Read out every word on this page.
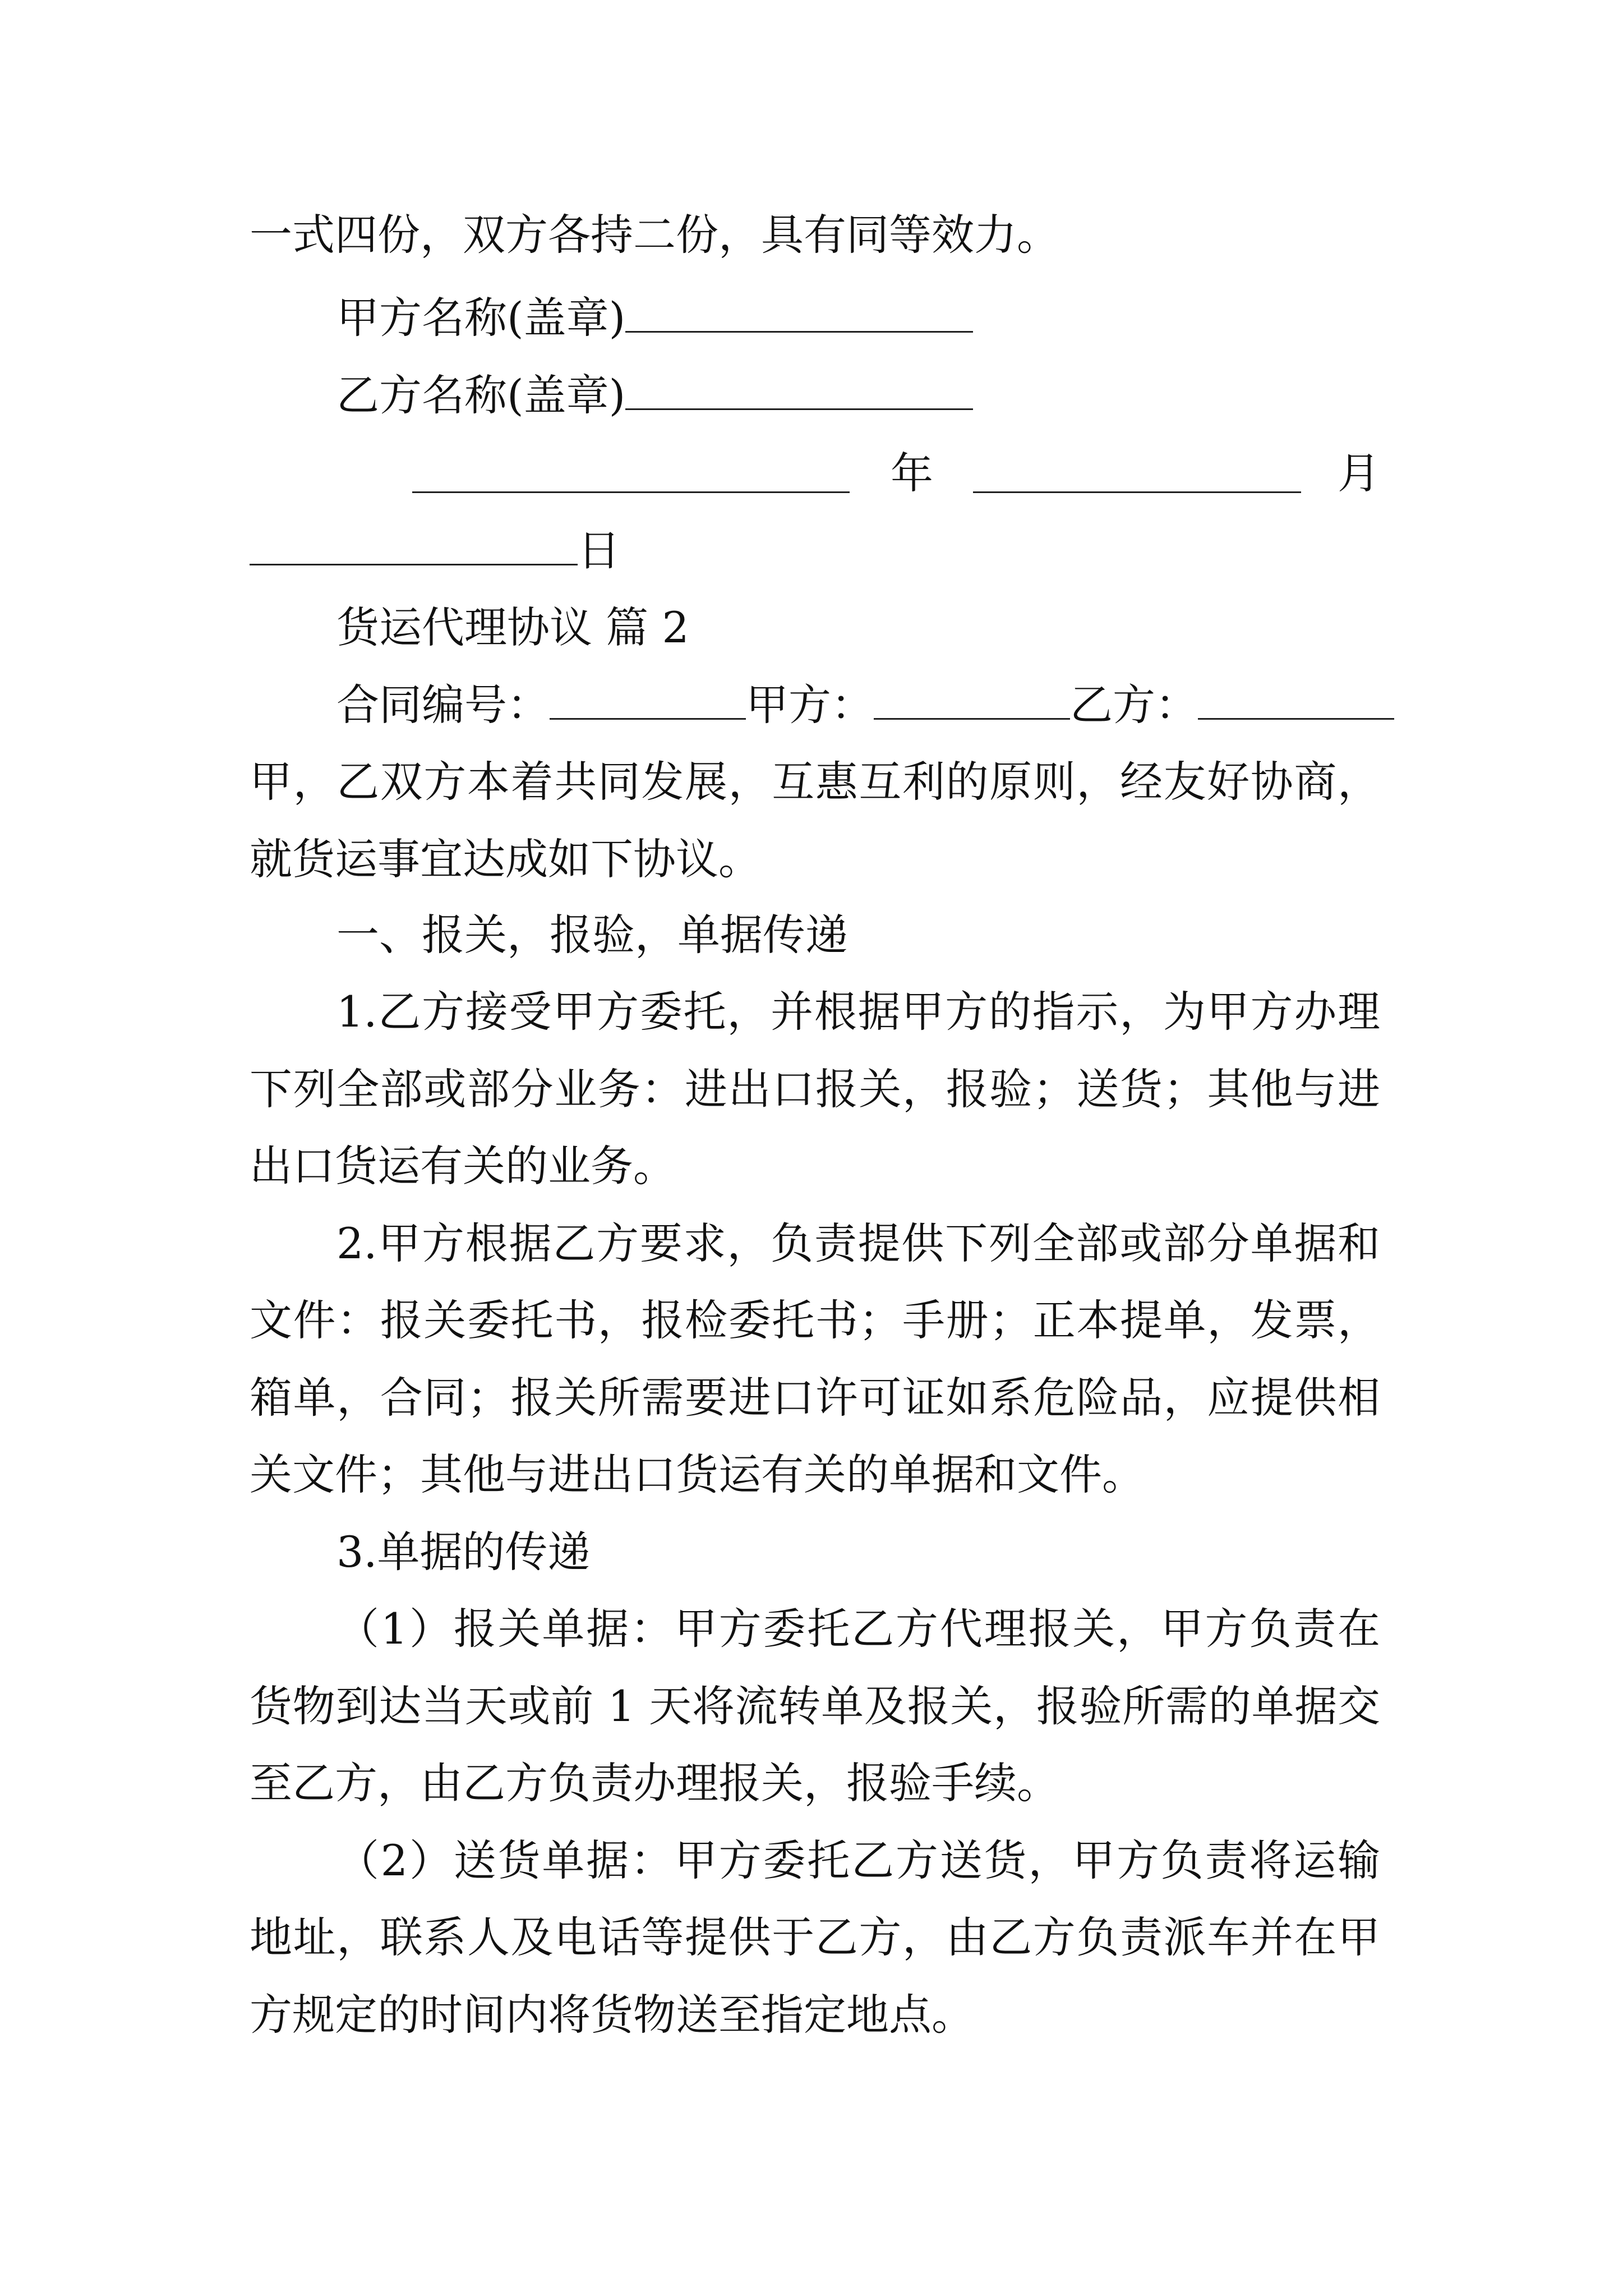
一式四份，双方各持二份，具有同等效力。
甲方名称(盖章)
乙方名称(盖章)
年	月
日
货运代理协议 篇 2
合同编号：	甲方：	乙方：
甲，乙双方本着共同发展，互惠互利的原则，经友好协商，
就货运事宜达成如下协议。
一、报关，报验，单据传递
1.乙方接受甲方委托，并根据甲方的指示，为甲方办理
下列全部或部分业务：进出口报关，报验；送货；其他与进
出口货运有关的业务。
2.甲方根据乙方要求，负责提供下列全部或部分单据和
文件：报关委托书，报检委托书；手册；正本提单，发票，
箱单，合同；报关所需要进口许可证如系危险品，应提供相
关文件；其他与进出口货运有关的单据和文件。
3.单据的传递
（1）报关单据：甲方委托乙方代理报关，甲方负责在
货物到达当天或前 1 天将流转单及报关，报验所需的单据交
至乙方，由乙方负责办理报关，报验手续。
（2）送货单据：甲方委托乙方送货，甲方负责将运输
地址，联系人及电话等提供于乙方，由乙方负责派车并在甲
方规定的时间内将货物送至指定地点。
